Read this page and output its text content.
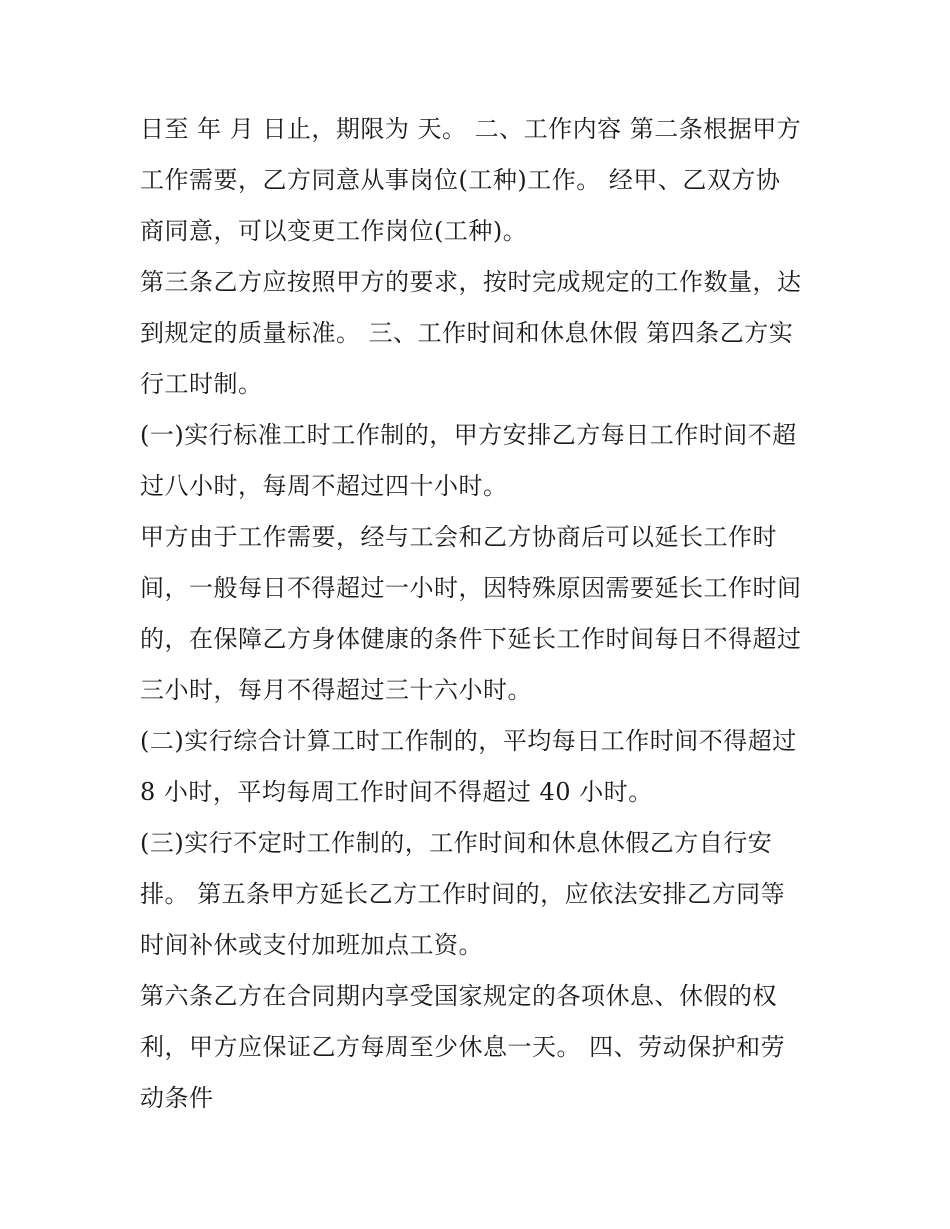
日至 年 月 日止，期限为 天。 二、工作内容 第二条根据甲方
工作需要，乙方同意从事岗位(工种)工作。 经甲、乙双方协
商同意，可以变更工作岗位(工种)。
第三条乙方应按照甲方的要求，按时完成规定的工作数量，达
到规定的质量标准。 三、工作时间和休息休假 第四条乙方实
行工时制。
(一)实行标准工时工作制的，甲方安排乙方每日工作时间不超
过八小时，每周不超过四十小时。
甲方由于工作需要，经与工会和乙方协商后可以延长工作时
间，一般每日不得超过一小时，因特殊原因需要延长工作时间
的，在保障乙方身体健康的条件下延长工作时间每日不得超过
三小时，每月不得超过三十六小时。
(二)实行综合计算工时工作制的，平均每日工作时间不得超过
8 小时，平均每周工作时间不得超过 40 小时。
(三)实行不定时工作制的，工作时间和休息休假乙方自行安
排。 第五条甲方延长乙方工作时间的，应依法安排乙方同等
时间补休或支付加班加点工资。
第六条乙方在合同期内享受国家规定的各项休息、休假的权
利，甲方应保证乙方每周至少休息一天。 四、劳动保护和劳
动条件
